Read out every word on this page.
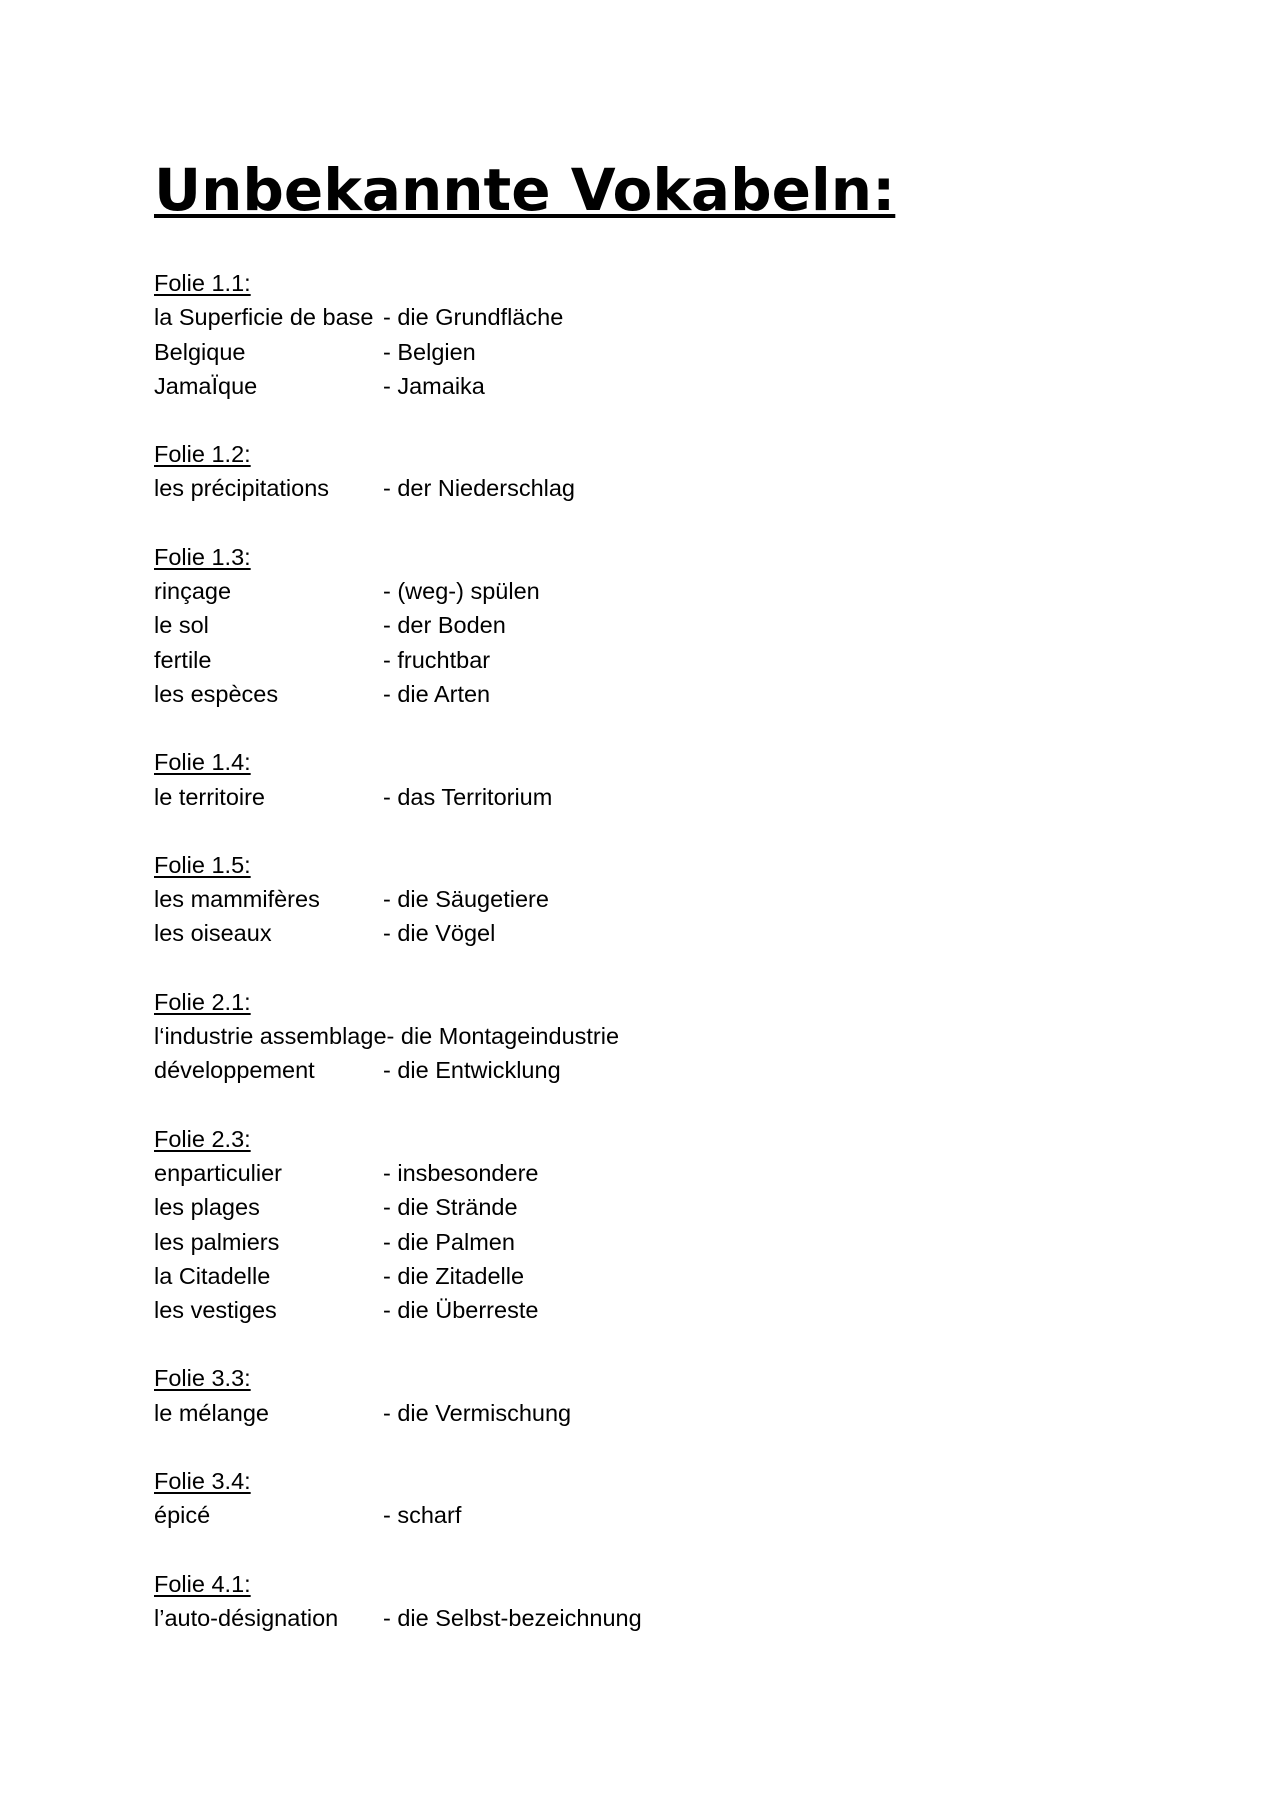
Unbekannte Vokabeln:
Folie 1.1:
la Superficie de base - die Grundfläche
Belgique	- Belgien
JamaÏque	- Jamaika
Folie 1.2:
les précipitations	- der Niederschlag
Folie 1.3:
rinçage	- (weg-) spülen
le sol	- der Boden
fertile	- fruchtbar
les espèces	- die Arten
Folie 1.4:
le territoire	- das Territorium
Folie 1.5:
les mammifères	- die Säugetiere
les oiseaux	- die Vögel
Folie 2.1:
l‘industrie assemblage - die Montageindustrie
développement	- die Entwicklung
Folie 2.3:
enparticulier	- insbesondere
les plages	- die Strände
les palmiers	- die Palmen
la Citadelle	- die Zitadelle
les vestiges	- die Überreste
Folie 3.3:
le mélange	- die Vermischung
Folie 3.4:
épicé	- scharf
Folie 4.1:
l’auto-désignation	- die Selbst-bezeichnung
